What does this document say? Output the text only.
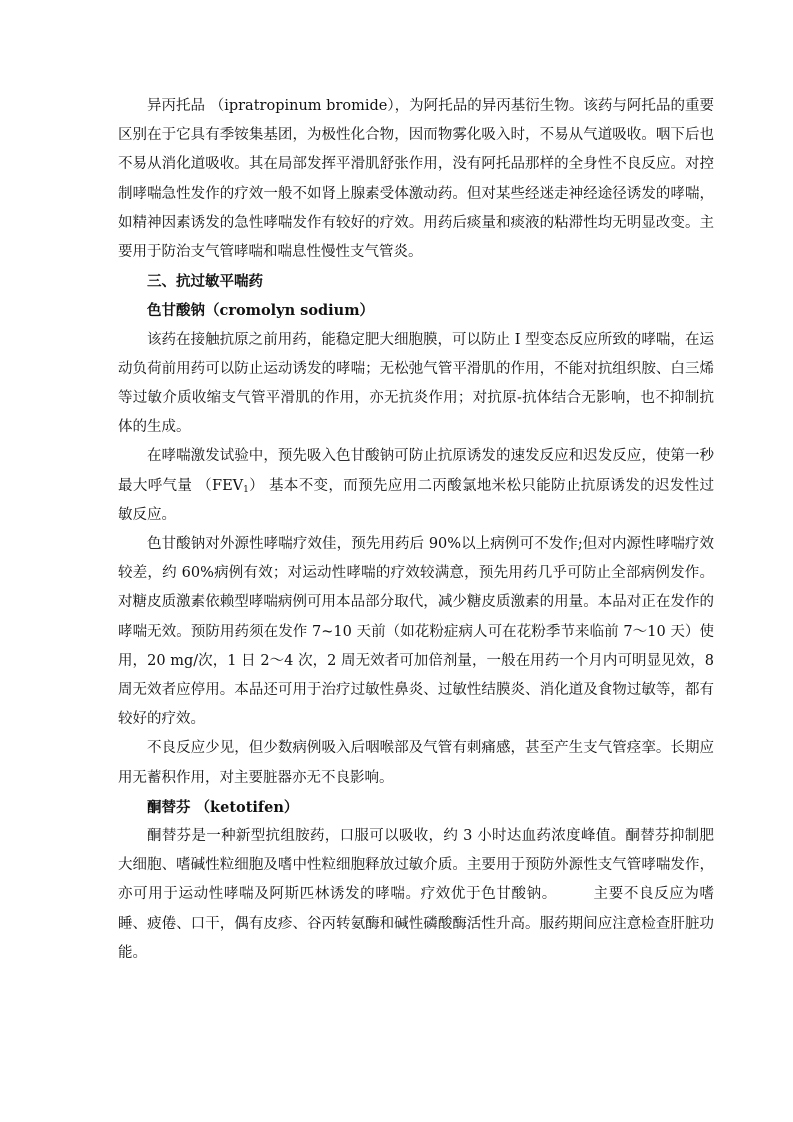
异丙托品 （ipratropinum bromide），为阿托品的异丙基衍生物。该药与阿托品的重要区别在于它具有季铵集基团，为极性化合物，因而物雾化吸入时，不易从气道吸收。咽下后也不易从消化道吸收。其在局部发挥平滑肌舒张作用，没有阿托品那样的全身性不良反应。对控制哮喘急性发作的疗效一般不如肾上腺素受体激动药。但对某些经迷走神经途径诱发的哮喘，如精神因素诱发的急性哮喘发作有较好的疗效。用药后痰量和痰液的粘滞性均无明显改变。主要用于防治支气管哮喘和喘息性慢性支气管炎。

三、抗过敏平喘药

色甘酸钠（cromolyn sodium）

该药在接触抗原之前用药，能稳定肥大细胞膜，可以防止 I 型变态反应所致的哮喘，在运动负荷前用药可以防止运动诱发的哮喘；无松弛气管平滑肌的作用，不能对抗组织胺、白三烯等过敏介质收缩支气管平滑肌的作用，亦无抗炎作用；对抗原-抗体结合无影响，也不抑制抗体的生成。

在哮喘激发试验中，预先吸入色甘酸钠可防止抗原诱发的速发反应和迟发反应，使第一秒最大呼气量 $(FEV_1)$ 基本不变，而预先应用二丙酸氯地米松只能防止抗原诱发的迟发性过敏反应。

色甘酸钠对外源性哮喘疗效佳，预先用药后 90%以上病例可不发作;但对内源性哮喘疗效较差，约 60%病例有效；对运动性哮喘的疗效较满意，预先用药几乎可防止全部病例发作。对糖皮质激素依赖型哮喘病例可用本品部分取代，减少糖皮质激素的用量。本品对正在发作的哮喘无效。预防用药须在发作 7~10 天前（如花粉症病人可在花粉季节来临前 7～10 天）使用，20 mg/次，1 日 2～4 次，2 周无效者可加倍剂量，一般在用药一个月内可明显见效，8 周无效者应停用。本品还可用于治疗过敏性鼻炎、过敏性结膜炎、消化道及食物过敏等，都有较好的疗效。

不良反应少见，但少数病例吸入后咽喉部及气管有刺痛感，甚至产生支气管痉挛。长期应用无蓄积作用，对主要脏器亦无不良影响。

酮替芬 （ketotifen）

酮替芬是一种新型抗组胺药，口服可以吸收，约 3 小时达血药浓度峰值。酮替芬抑制肥大细胞、嗜碱性粒细胞及嗜中性粒细胞释放过敏介质。主要用于预防外源性支气管哮喘发作，亦可用于运动性哮喘及阿斯匹林诱发的哮喘。疗效优于色甘酸钠。       主要不良反应为嗜睡、疲倦、口干，偶有皮疹、谷丙转氨酶和碱性磷酸酶活性升高。服药期间应注意检查肝脏功能。
